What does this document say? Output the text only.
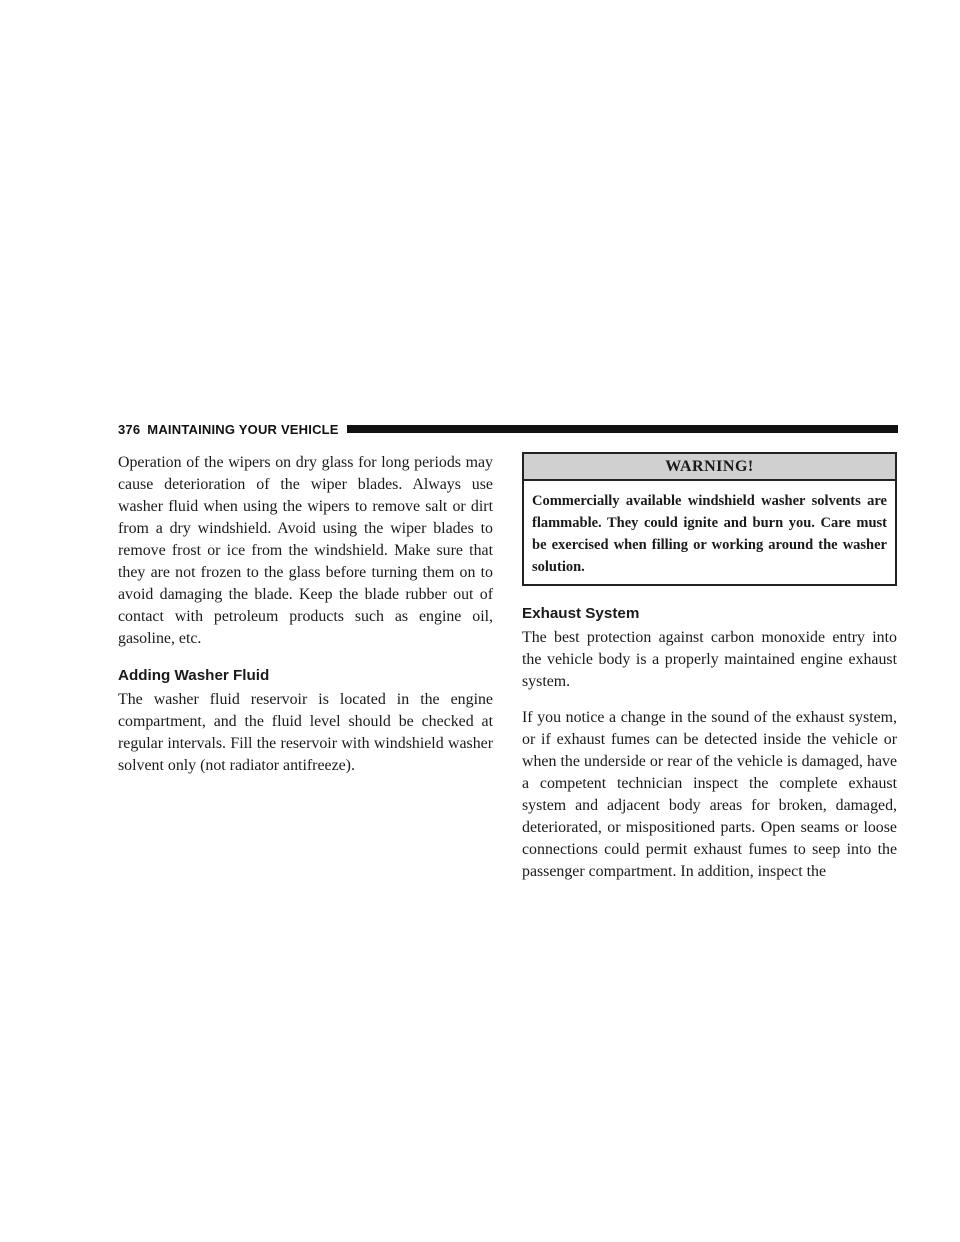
376 MAINTAINING YOUR VEHICLE

Operation of the wipers on dry glass for long periods may cause deterioration of the wiper blades. Always use washer fluid when using the wipers to remove salt or dirt from a dry windshield. Avoid using the wiper blades to remove frost or ice from the windshield. Make sure that they are not frozen to the glass before turning them on to avoid damaging the blade. Keep the blade rubber out of contact with petroleum products such as engine oil, gasoline, etc.

Adding Washer Fluid

The washer fluid reservoir is located in the engine compartment, and the fluid level should be checked at regular intervals. Fill the reservoir with windshield washer solvent only (not radiator antifreeze).

WARNING!
Commercially available windshield washer solvents are flammable. They could ignite and burn you. Care must be exercised when filling or working around the washer solution.
Exhaust System

The best protection against carbon monoxide entry into the vehicle body is a properly maintained engine exhaust system.

If you notice a change in the sound of the exhaust system, or if exhaust fumes can be detected inside the vehicle or when the underside or rear of the vehicle is damaged, have a competent technician inspect the complete exhaust system and adjacent body areas for broken, damaged, deteriorated, or mispositioned parts. Open seams or loose connections could permit exhaust fumes to seep into the passenger compartment. In addition, inspect the
